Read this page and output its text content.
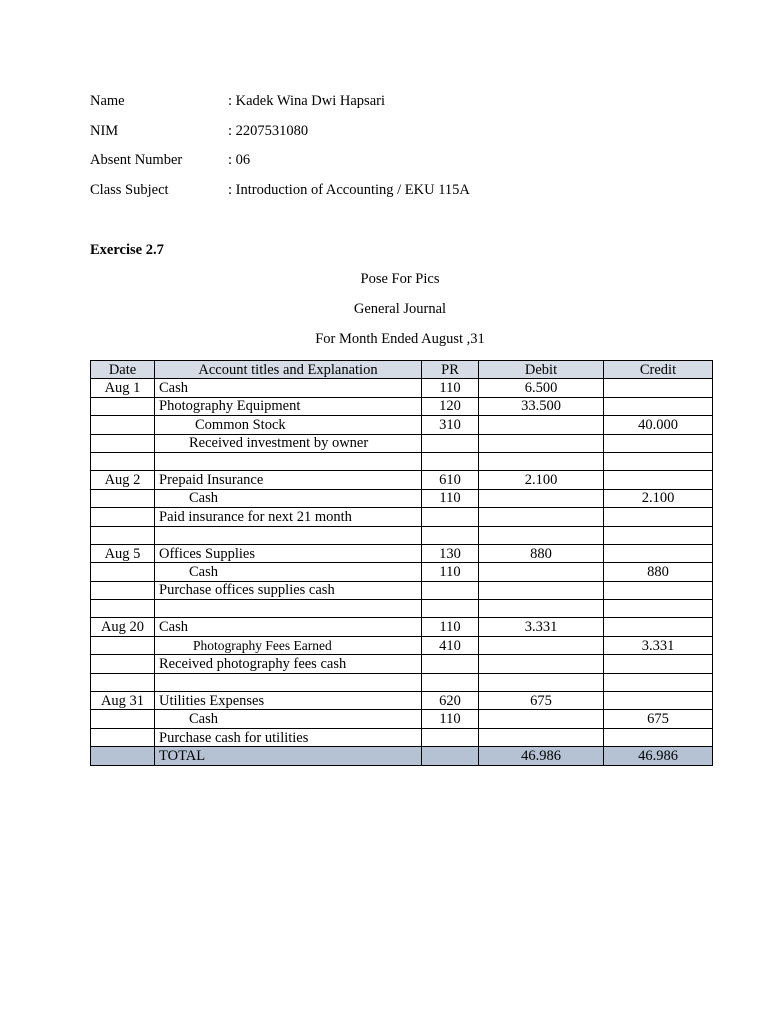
Name	: Kadek Wina Dwi Hapsari
NIM	: 2207531080
Absent Number	: 06
Class Subject	: Introduction of Accounting / EKU 115A
Exercise 2.7
Pose For Pics
General Journal
For Month Ended August ,31
Date	Account titles and Explanation	PR	Debit	Credit
Aug 1	Cash	110	6.500	
	Photography Equipment	120	33.500	
	Common Stock	310		40.000
	Received investment by owner			

Aug 2	Prepaid Insurance	610	2.100	
	Cash	110		2.100
	Paid insurance for next 21 month			

Aug 5	Offices Supplies	130	880	
	Cash	110		880
	Purchase offices supplies cash			

Aug 20	Cash	110	3.331	
	Photography Fees Earned	410		3.331
	Received photography fees cash			

Aug 31	Utilities Expenses	620	675	
	Cash	110		675
	Purchase cash for utilities			
	TOTAL		46.986	46.986
